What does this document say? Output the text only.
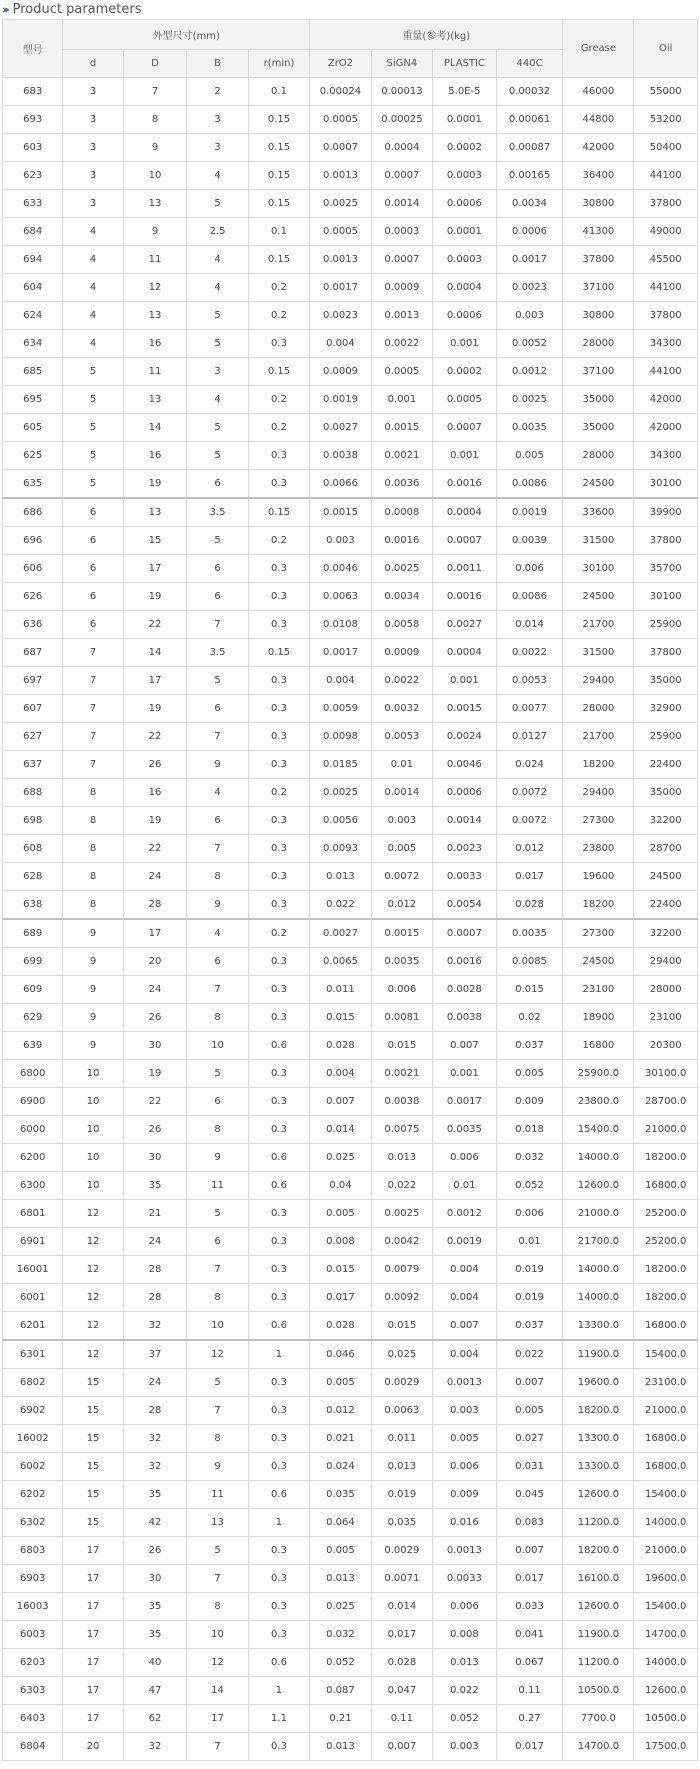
››› Product parameters
型号	外型尺寸(mm)				重量(参考)(kg)				Grease	Oil
	d	D	B	r(min)	ZrO2	SiGN4	PLASTIC	440C		
683	3	7	2	0.1	0.00024	0.00013	5.0E-5	0.00032	46000	55000
693	3	8	3	0.15	0.0005	0.00025	0.0001	0.00061	44800	53200
603	3	9	3	0.15	0.0007	0.0004	0.0002	0.00087	42000	50400
623	3	10	4	0.15	0.0013	0.0007	0.0003	0.00165	36400	44100
633	3	13	5	0.15	0.0025	0.0014	0.0006	0.0034	30800	37800
684	4	9	2.5	0.1	0.0005	0.0003	0.0001	0.0006	41300	49000
694	4	11	4	0.15	0.0013	0.0007	0.0003	0.0017	37800	45500
604	4	12	4	0.2	0.0017	0.0009	0.0004	0.0023	37100	44100
624	4	13	5	0.2	0.0023	0.0013	0.0006	0.003	30800	37800
634	4	16	5	0.3	0.004	0.0022	0.001	0.0052	28000	34300
685	5	11	3	0.15	0.0009	0.0005	0.0002	0.0012	37100	44100
695	5	13	4	0.2	0.0019	0.001	0.0005	0.0025	35000	42000
605	5	14	5	0.2	0.0027	0.0015	0.0007	0.0035	35000	42000
625	5	16	5	0.3	0.0038	0.0021	0.001	0.005	28000	34300
635	5	19	6	0.3	0.0066	0.0036	0.0016	0.0086	24500	30100
686	6	13	3.5	0.15	0.0015	0.0008	0.0004	0.0019	33600	39900
696	6	15	5	0.2	0.003	0.0016	0.0007	0.0039	31500	37800
606	6	17	6	0.3	0.0046	0.0025	0.0011	0.006	30100	35700
626	6	19	6	0.3	0.0063	0.0034	0.0016	0.0086	24500	30100
636	6	22	7	0.3	0.0108	0.0058	0.0027	0.014	21700	25900
687	7	14	3.5	0.15	0.0017	0.0009	0.0004	0.0022	31500	37800
697	7	17	5	0.3	0.004	0.0022	0.001	0.0053	29400	35000
607	7	19	6	0.3	0.0059	0.0032	0.0015	0.0077	28000	32900
627	7	22	7	0.3	0.0098	0.0053	0.0024	0.0127	21700	25900
637	7	26	9	0.3	0.0185	0.01	0.0046	0.024	18200	22400
688	8	16	4	0.2	0.0025	0.0014	0.0006	0.0072	29400	35000
698	8	19	6	0.3	0.0056	0.003	0.0014	0.0072	27300	32200
608	8	22	7	0.3	0.0093	0.005	0.0023	0.012	23800	28700
628	8	24	8	0.3	0.013	0.0072	0.0033	0.017	19600	24500
638	8	28	9	0.3	0.022	0.012	0.0054	0.028	18200	22400
689	9	17	4	0.2	0.0027	0.0015	0.0007	0.0035	27300	32200
699	9	20	6	0.3	0.0065	0.0035	0.0016	0.0085	24500	29400
609	9	24	7	0.3	0.011	0.006	0.0028	0.015	23100	28000
629	9	26	8	0.3	0.015	0.0081	0.0038	0.02	18900	23100
639	9	30	10	0.6	0.028	0.015	0.007	0.037	16800	20300
6800	10	19	5	0.3	0.004	0.0021	0.001	0.005	25900.0	30100.0
6900	10	22	6	0.3	0.007	0.0038	0.0017	0.009	23800.0	28700.0
6000	10	26	8	0.3	0.014	0.0075	0.0035	0.018	15400.0	21000.0
6200	10	30	9	0.6	0.025	0.013	0.006	0.032	14000.0	18200.0
6300	10	35	11	0.6	0.04	0.022	0.01	0.052	12600.0	16800.0
6801	12	21	5	0.3	0.005	0.0025	0.0012	0.006	21000.0	25200.0
6901	12	24	6	0.3	0.008	0.0042	0.0019	0.01	21700.0	25200.0
16001	12	28	7	0.3	0.015	0.0079	0.004	0.019	14000.0	18200.0
6001	12	28	8	0.3	0.017	0.0092	0.004	0.019	14000.0	18200.0
6201	12	32	10	0.6	0.028	0.015	0.007	0.037	13300.0	16800.0
6301	12	37	12	1	0.046	0.025	0.004	0.022	11900.0	15400.0
6802	15	24	5	0.3	0.005	0.0029	0.0013	0.007	19600.0	23100.0
6902	15	28	7	0.3	0.012	0.0063	0.003	0.005	18200.0	21000.0
16002	15	32	8	0.3	0.021	0.011	0.005	0.027	13300.0	16800.0
6002	15	32	9	0.3	0.024	0.013	0.006	0.031	13300.0	16800.0
6202	15	35	11	0.6	0.035	0.019	0.009	0.045	12600.0	15400.0
6302	15	42	13	1	0.064	0.035	0.016	0.083	11200.0	14000.0
6803	17	26	5	0.3	0.005	0.0029	0.0013	0.007	18200.0	21000.0
6903	17	30	7	0.3	0.013	0.0071	0.0033	0.017	16100.0	19600.0
16003	17	35	8	0.3	0.025	0.014	0.006	0.033	12600.0	15400.0
6003	17	35	10	0.3	0.032	0.017	0.008	0.041	11900.0	14700.0
6203	17	40	12	0.6	0.052	0.028	0.013	0.067	11200.0	14000.0
6303	17	47	14	1	0.087	0.047	0.022	0.11	10500.0	12600.0
6403	17	62	17	1.1	0.21	0.11	0.052	0.27	7700.0	10500.0
6804	20	32	7	0.3	0.013	0.007	0.003	0.017	14700.0	17500.0
